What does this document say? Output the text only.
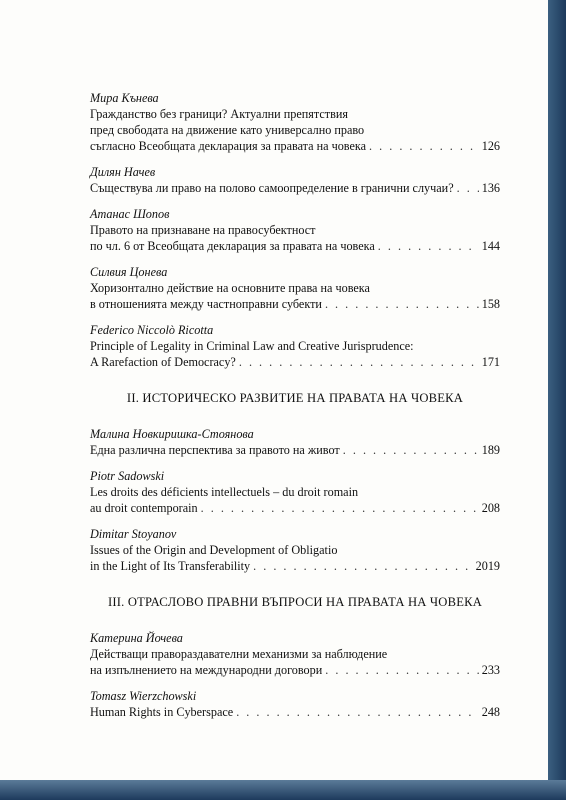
Мира Кънева
Гражданство без граници? Актуални препятствия
пред свободата на движение като универсално право
съгласно Всеобщата декларация за правата на човека . . .	126
Дилян Начев
Съществува ли право на полово самоопределение в гранични случаи? . . . 136
Атанас Шопов
Правото на признаване на правосубектност
по чл. 6 от Всеобщата декларация за правата на човека . . .	144
Силвия Цонева
Хоризонтално действие на основните права на човека
в отношенията между частноправни субекти . . .	158
Federico Niccolò Ricotta
Principle of Legality in Criminal Law and Creative Jurisprudence:
A Rarefaction of Democracy? . . .	171
II. ИСТОРИЧЕСКО РАЗВИТИЕ НА ПРАВАТА НА ЧОВЕКА
Малина Новкиришка-Стоянова
Една различна перспектива за правото на живот . . .	189
Piotr Sadowski
Les droits des déficients intellectuels – du droit romain
au droit contemporain . . .	208
Dimitar Stoyanov
Issues of the Origin and Development of Obligatio
in the Light of Its Transferability . . .	2019
III. ОТРАСЛОВО ПРАВНИ ВЪПРОСИ НА ПРАВАТА НА ЧОВЕКА
Катерина Йочева
Действащи правораздавателни механизми за наблюдение
на изпълнението на международни договори . . .	233
Tomasz Wierzchowski
Human Rights in Cyberspace . . .	248
